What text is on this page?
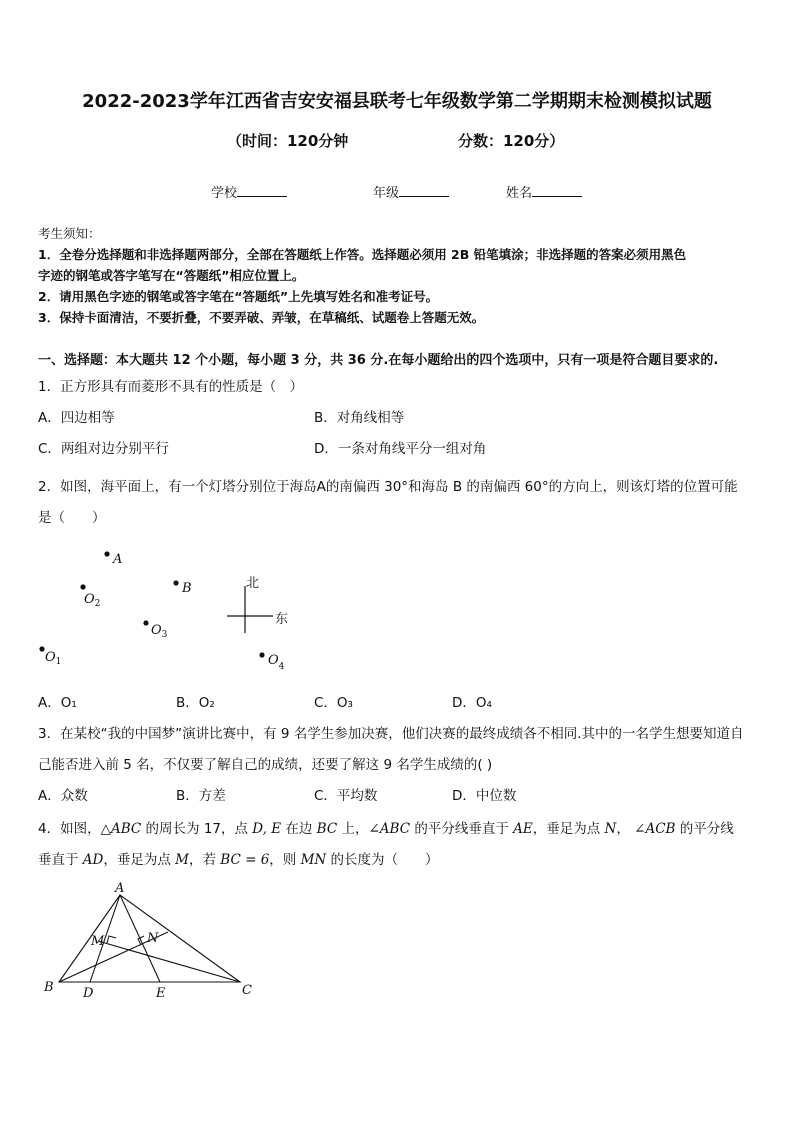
2022-2023学年江西省吉安安福县联考七年级数学第二学期期末检测模拟试题
（时间：120分钟	分数：120分）
学校	年级	姓名
考生须知：
1．全卷分选择题和非选择题两部分，全部在答题纸上作答。选择题必须用 2B 铅笔填涂；非选择题的答案必须用黑色
字迹的钢笔或答字笔写在“答题纸”相应位置上。
2．请用黑色字迹的钢笔或答字笔在“答题纸”上先填写姓名和准考证号。
3．保持卡面清洁，不要折叠，不要弄破、弄皱，在草稿纸、试题卷上答题无效。
一、选择题：本大题共 12 个小题，每小题 3 分，共 36 分.在每小题给出的四个选项中，只有一项是符合题目要求的.
1．正方形具有而菱形不具有的性质是（　）
A．四边相等	B．对角线相等
C．两组对边分别平行	D．一条对角线平分一组对角
2．如图，海平面上，有一个灯塔分别位于海岛A的南偏西 30°和海岛 B 的南偏西 60°的方向上，则该灯塔的位置可能
是（　　）
A
$O_2$
B
$O_3$
$O_1$	$O_4$
北
东
A．O₁	B．O₂	C．O₃	D．O₄
3．在某校“我的中国梦”演讲比赛中，有 9 名学生参加决赛，他们决赛的最终成绩各不相同.其中的一名学生想要知道自
己能否进入前 5 名，不仅要了解自己的成绩，还要了解这 9 名学生成绩的( )
A．众数	B．方差	C．平均数	D．中位数
4．如图，△ABC 的周长为 17，点 D, E 在边 BC 上，∠ABC 的平分线垂直于 AE，垂足为点 N， ∠ACB 的平分线
垂直于 AD，垂足为点 M，若 BC = 6，则 MN 的长度为（　　）
A
B	C
D	E
M	N
